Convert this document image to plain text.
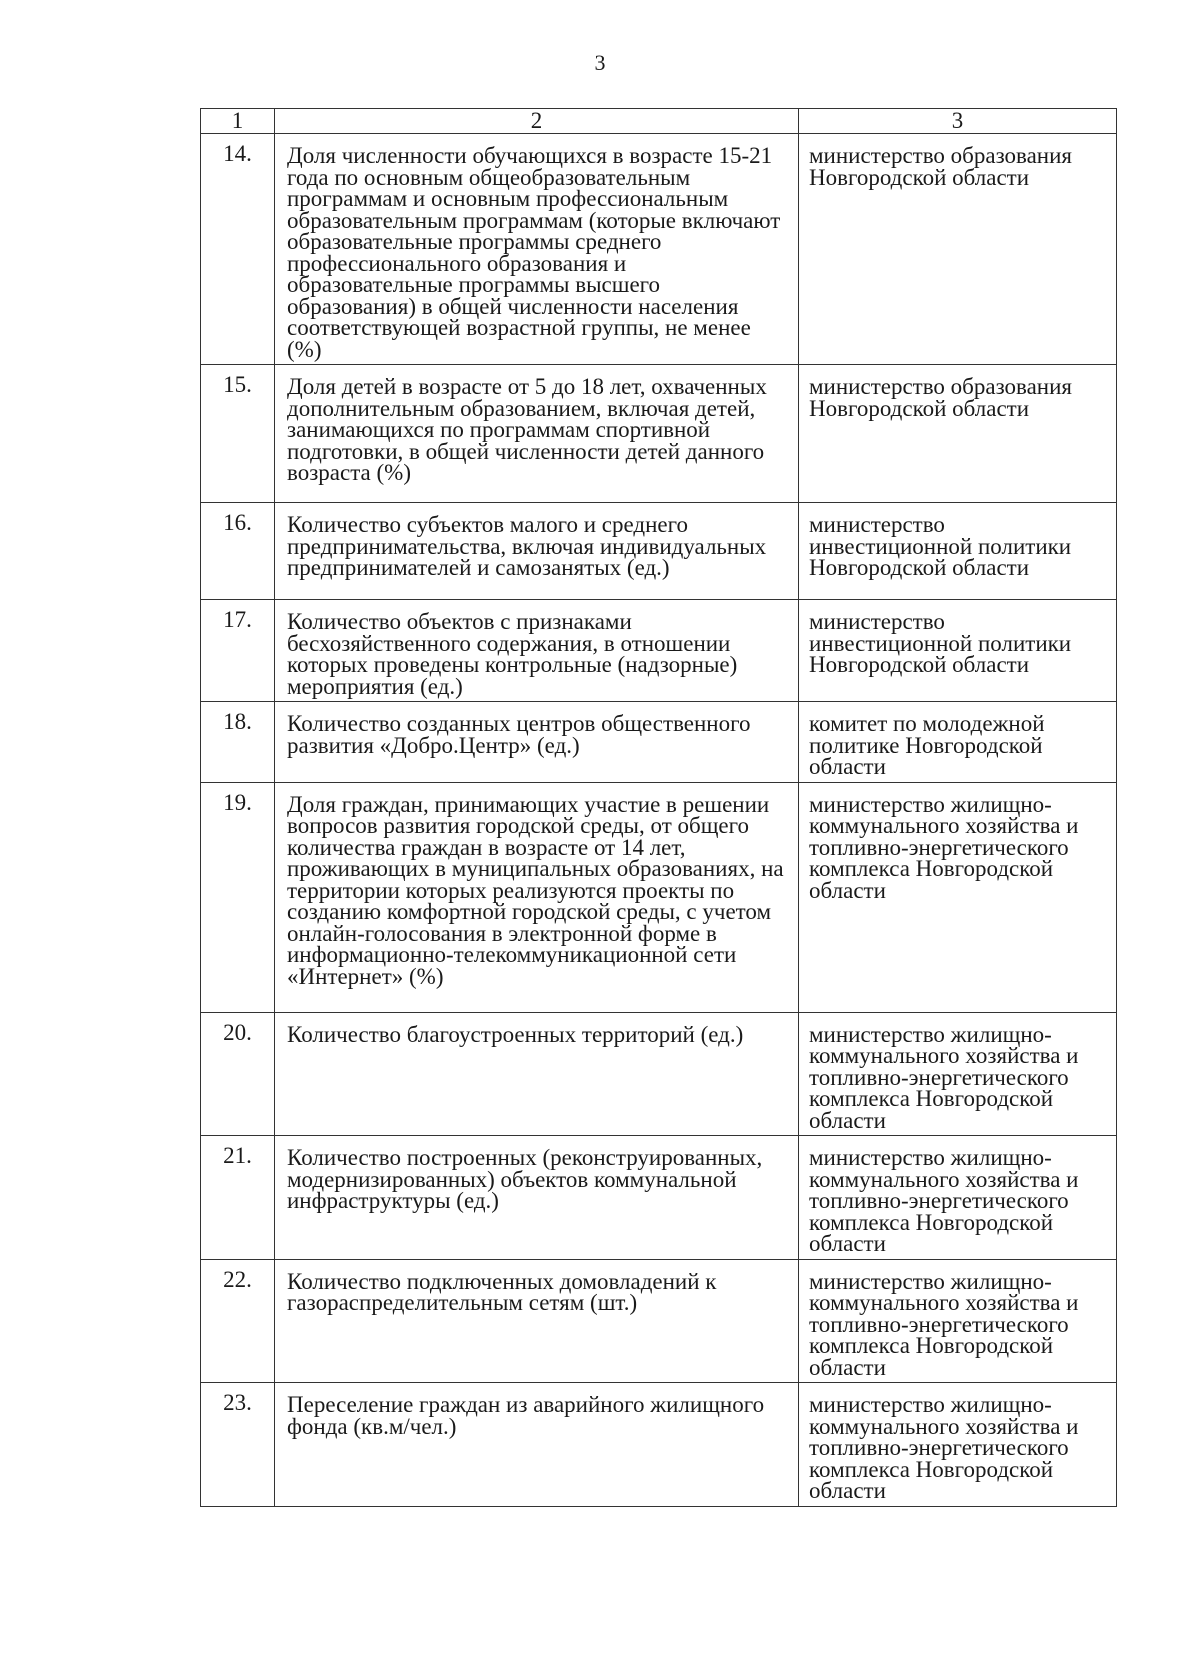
3
1	2	3
14.	Доля численности обучающихся в возрасте 15-21 года по основным общеобразовательным программам и основным профессиональным образовательным программам (которые включают образовательные программы среднего профессионального образования и образовательные программы высшего образования) в общей численности населения соответствующей возрастной группы, не менее (%)	министерство образования Новгородской области
15.	Доля детей в возрасте от 5 до 18 лет, охваченных дополнительным образованием, включая детей, занимающихся по программам спортивной подготовки, в общей численности детей данного возраста (%)	министерство образования Новгородской области
16.	Количество субъектов малого и среднего предпринимательства, включая индивидуальных предпринимателей и самозанятых (ед.)	министерство инвестиционной политики Новгородской области
17.	Количество объектов с признаками бесхозяйственного содержания, в отношении которых проведены контрольные (надзорные) мероприятия (ед.)	министерство инвестиционной политики Новгородской области
18.	Количество созданных центров общественного развития «Добро.Центр» (ед.)	комитет по молодежной политике Новгородской области
19.	Доля граждан, принимающих участие в решении вопросов развития городской среды, от общего количества граждан в возрасте от 14 лет, проживающих в муниципальных образованиях, на территории которых реализуются проекты по созданию комфортной городской среды, с учетом онлайн-голосования в электронной форме в информационно-телекоммуникационной сети «Интернет» (%)	министерство жилищно-коммунального хозяйства и топливно-энергетического комплекса Новгородской области
20.	Количество благоустроенных территорий (ед.)	министерство жилищно-коммунального хозяйства и топливно-энергетического комплекса Новгородской области
21.	Количество построенных (реконструированных, модернизированных) объектов коммунальной инфраструктуры (ед.)	министерство жилищно-коммунального хозяйства и топливно-энергетического комплекса Новгородской области
22.	Количество подключенных домовладений к газораспределительным сетям (шт.)	министерство жилищно-коммунального хозяйства и топливно-энергетического комплекса Новгородской области
23.	Переселение граждан из аварийного жилищного фонда (кв.м/чел.)	министерство жилищно-коммунального хозяйства и топливно-энергетического комплекса Новгородской области
